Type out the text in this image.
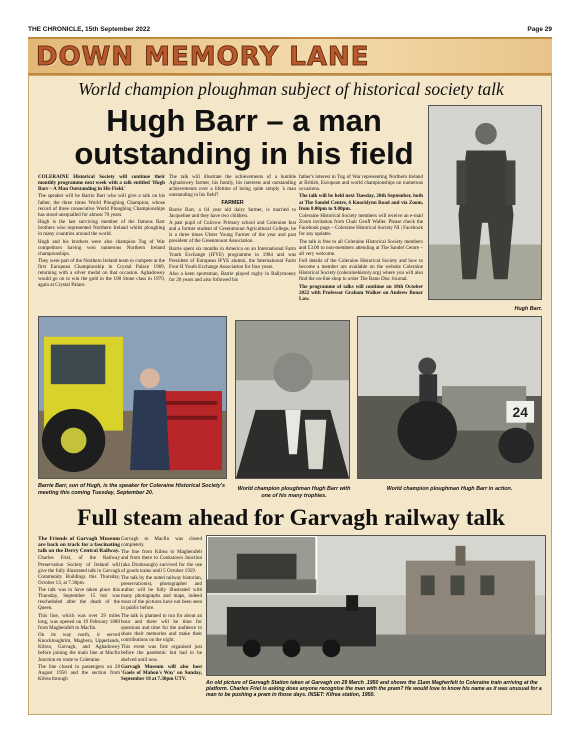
THE CHRONICLE, 15th September 2022	Page 29
DOWN MEMORY LANE
World champion ploughman subject of historical society talk
Hugh Barr – a man
outstanding in his field
Hugh Barr.

COLERAINE Historical Society will continue their monthly programme next week with a talk entitled 'Hugh Barr – A Man Outstanding in His Field.'

The speaker will be Barrie Barr who will give a talk on his father, the three times World Ploughing Champion, whose record of three consecutive World Ploughing Championships has stood unequalled for almost 70 years.

Hugh is the last surviving member of the famous Barr brothers who represented Northern Ireland whilst ploughing in many countries around the world.

Hugh and his brothers were also champion Tug of War competitors having won numerous Northern Ireland championships.

They were part of the Northern Ireland team to compete at the first European Championship in Crystal Palace 1969, returning with a silver medal on that occasion. Aghadowey would go on to win the gold in the 100 Stone class in 1970, again at Crystal Palace.

The talk will illustrate the achievements of a humble Aghadowey farmer, his family, his interests and outstanding achievements over a lifetime of being quite simply 'a man outstanding in his field'!

FARMER

Barrie Barr, a 64 year old dairy farmer, is married to Jacqueline and they have two children.

A past pupil of Culcrow Primary school and Coleraine Inst and a former student of Greenmount Agricultural College, he is a three times Ulster Young Farmer of the year and past president of the Greenmount Association.

Barrie spent six months in America on an International Farm Youth Exchange (IFYE) programme in 1984 and was President of European IFYE alumni, the International Farm Four H Youth Exchange Association for four years.

Also a keen sportsman, Barrie played rugby in Ballymoney for 20 years and also followed his

father's interest in Tug of War representing Northern Ireland at British, European and world championships on numerous occasions.

The talk will be held next Tuesday, 20th September, both at The Sandel Centre, 6 Knocklynn Road and via Zoom, from 8.00pm to 9.00pm.

Coleraine Historical Society members will receive an e-mail Zoom invitation from Chair Geoff Waller. Please check the Facebook page – Coleraine Historical Society NI | Facebook for any updates.

The talk is free to all Coleraine Historical Society members and £3.00 to non-members attending at The Sandel Centre – all very welcome.

Full details of the Coleraine Historical Society and how to become a member are available on the website Coleraine Historical Society (colerainehistory.org) where you will also find the on-line shop to order The Bann Disc Journal.

The programme of talks will continue on 18th October 2022 with Professor Graham Walker on Andrew Bonar Law.

Barrie Barr, son of Hugh, is the speaker for Coleraine Historical Society's meeting this coming Tuesday, September 20.
World champion ploughman Hugh Barr with one of his many trophies.
24
World champion ploughman Hugh Barr in action.
Full steam ahead for Garvagh railway talk

The Friends of Garvagh Museum are back on track for a fascinating talk on the Derry Central Railway.

Charles Friel, of the Railway Preservation Society of Ireland will give the fully illustrated talk in Garvagh Community Buildings this Thursday, October 13, at 7.30pm.

The talk was to have taken place this Thursday, September 15 but was rescheduled after the death of the Queen.

This line, which was over 29 miles long, was opened on 19 February 1880 from Magherafelt to Macfin.

On its way north, it served Knockloughrim, Maghera, Upperlands, Kilrea, Garvagh, and Aghadowey before joining the main line at Macfin Junction en route to Coleraine.

The line closed to passengers on 28 August 1950 and the section from Kilrea through

Garvagh to Macfin was closed completely.

The line from Kilrea to Magherafelt and from there to Cookstown Junction (aka Drumsough) survived for the use of goods trains until 5 October 1959.

The talk by the noted railway historian, preservationist, photographer and author will be fully illustrated with many photographs and maps, indeed most of the pictures have not been seen in public before.

The talk is planned to run for about an hour and there will be time for questions and time for the audience to share their memories and make their contributions on the night.

This event was first organised just before the pandemic but had to be shelved until now.

Garvagh Museum will also host 'Gaels of Mahon's Way' on Sunday, September 18 at 7.30pm UTV.

An old picture of Garvagh Station taken at Garvagh on 29 March .1950 and shows the 11am Magherfelt to Coleraine train arriving at the platform. Charles Friel is asking does anyone recognise the man with the pram? He would love to know his name as it was unusual for a man to be pushing a pram in those days. INSET: Kilrea station, 1950.
